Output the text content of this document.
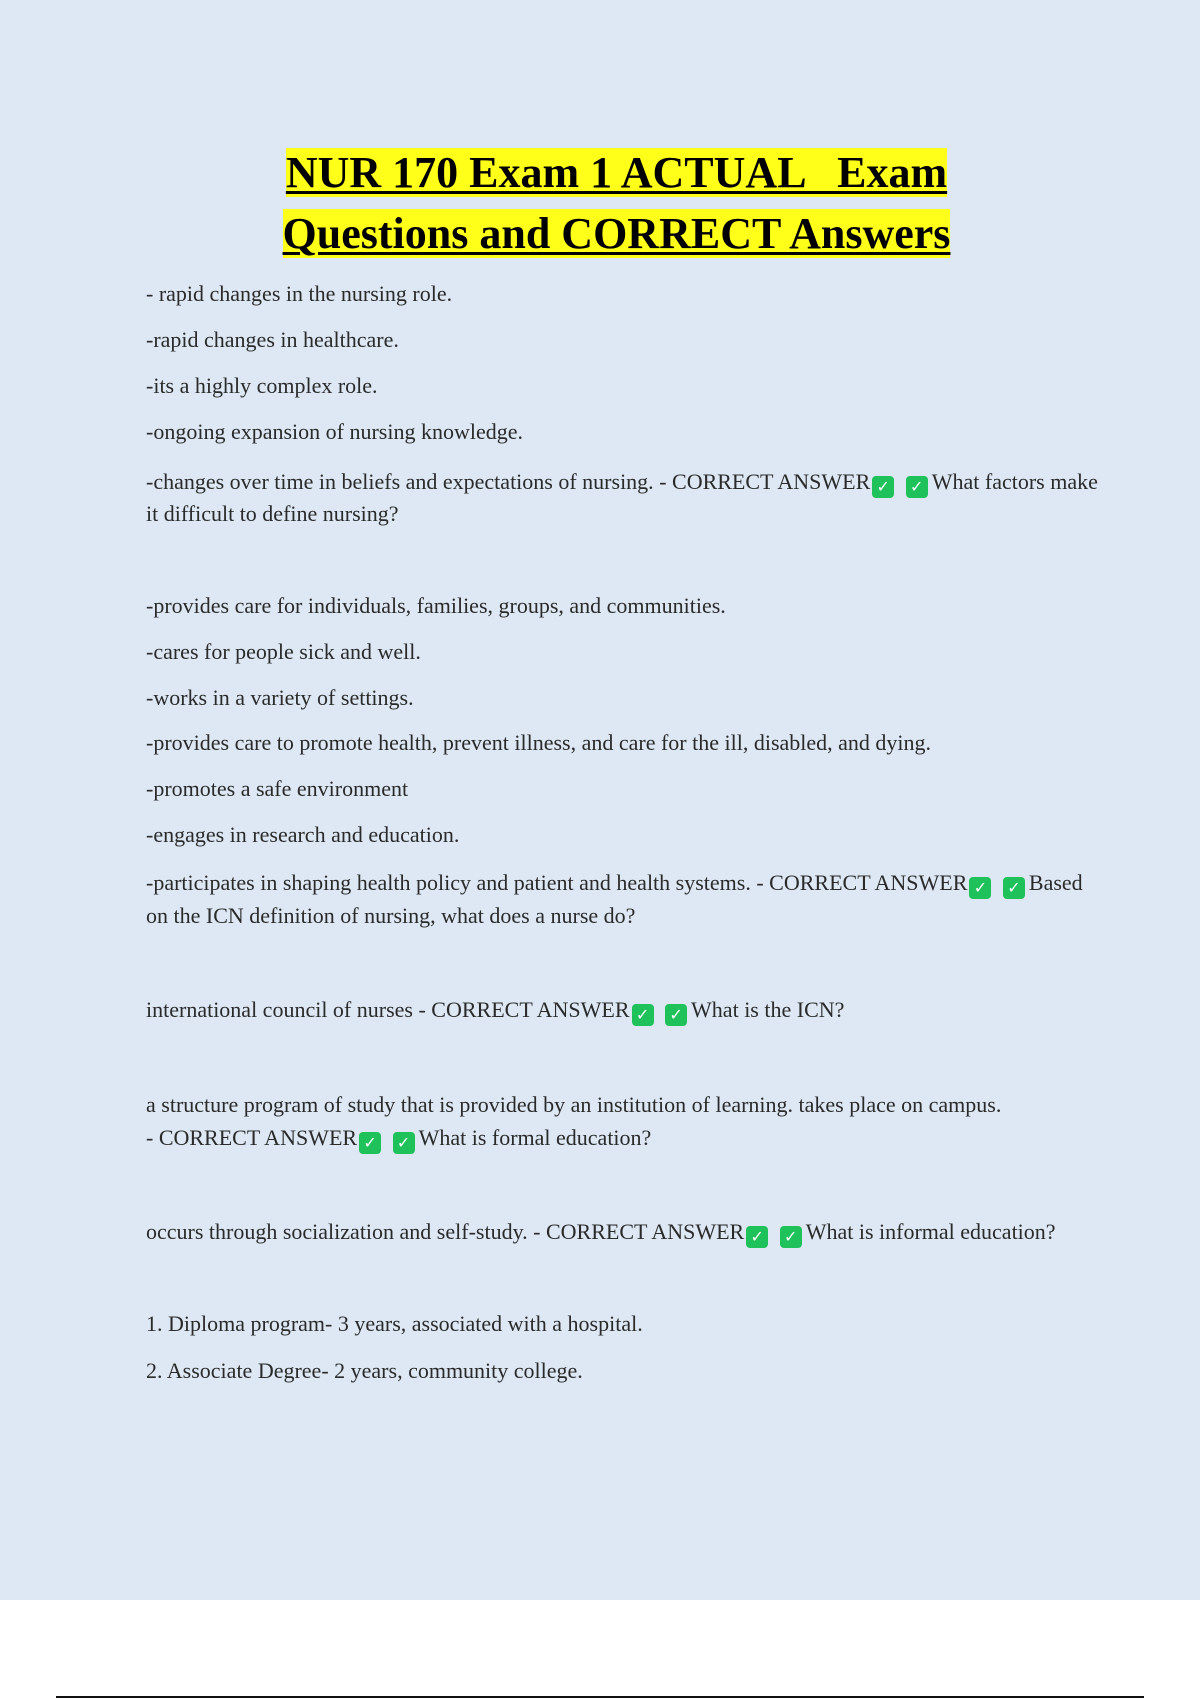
NUR 170 Exam 1 ACTUAL   Exam
Questions and CORRECT Answers

- rapid changes in the nursing role.

-rapid changes in healthcare.

-its a highly complex role.

-ongoing expansion of nursing knowledge.

-changes over time in beliefs and expectations of nursing. - CORRECT ANSWER ✓ ✓ What factors make it difficult to define nursing?

-provides care for individuals, families, groups, and communities.

-cares for people sick and well.

-works in a variety of settings.

-provides care to promote health, prevent illness, and care for the ill, disabled, and dying.

-promotes a safe environment

-engages in research and education.

-participates in shaping health policy and patient and health systems. - CORRECT ANSWER ✓ ✓ Based on the ICN definition of nursing, what does a nurse do?

international council of nurses - CORRECT ANSWER ✓ ✓ What is the ICN?

a structure program of study that is provided by an institution of learning. takes place on campus.

- CORRECT ANSWER ✓ ✓ What is formal education?

occurs through socialization and self-study. - CORRECT ANSWER ✓ ✓ What is informal education?

1. Diploma program- 3 years, associated with a hospital.

2. Associate Degree- 2 years, community college.
